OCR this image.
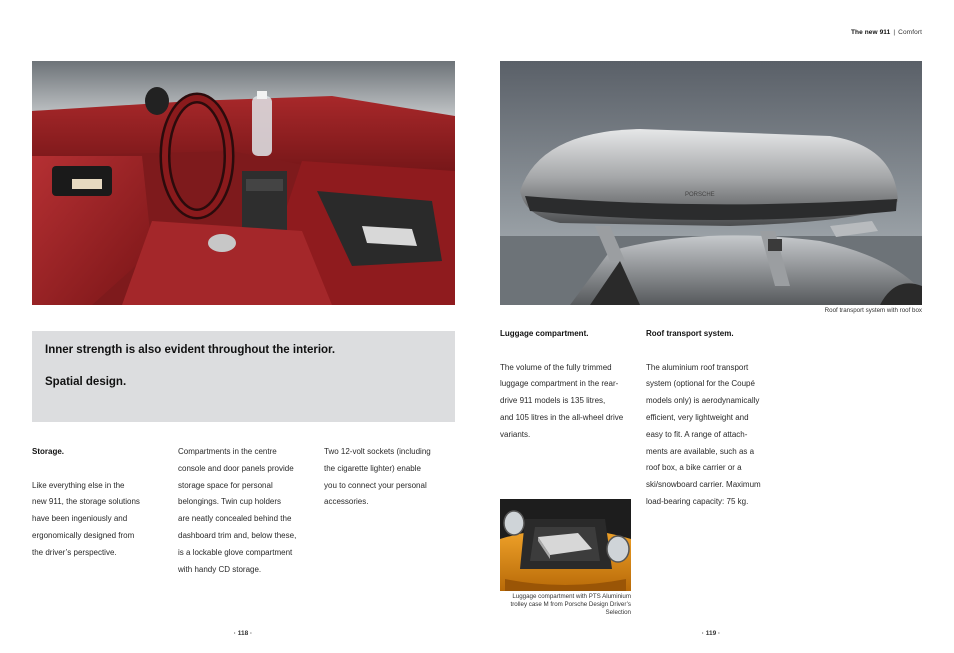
The new 911 | Comfort
PORSCHE
Roof transport system with roof box
Inner strength is also evident throughout the interior.
Spatial design.
Storage.
Like everything else in the
new 911, the storage solutions
have been ingeniously and
ergonomically designed from
the driver’s perspective.
Compartments in the centre
console and door panels provide
storage space for personal
belongings. Twin cup holders
are neatly concealed behind the
dashboard trim and, below these,
is a lockable glove compartment
with handy CD storage.
Two 12-volt sockets (including
the cigarette lighter) enable
you to connect your personal
accessories.
Luggage compartment.
The volume of the fully trimmed
luggage compartment in the rear-
drive 911 models is 135 litres,
and 105 litres in the all-wheel drive
variants.
Roof transport system.
The aluminium roof transport
system (optional for the Coupé
models only) is aerodynamically
efficient, very lightweight and
easy to fit. A range of attach-
ments are available, such as a
roof box, a bike carrier or a
ski/snowboard carrier. Maximum
load-bearing capacity: 75 kg.
Luggage compartment with PTS Aluminium
trolley case M from Porsche Design Driver’s
Selection
· 118 ·	· 119 ·
